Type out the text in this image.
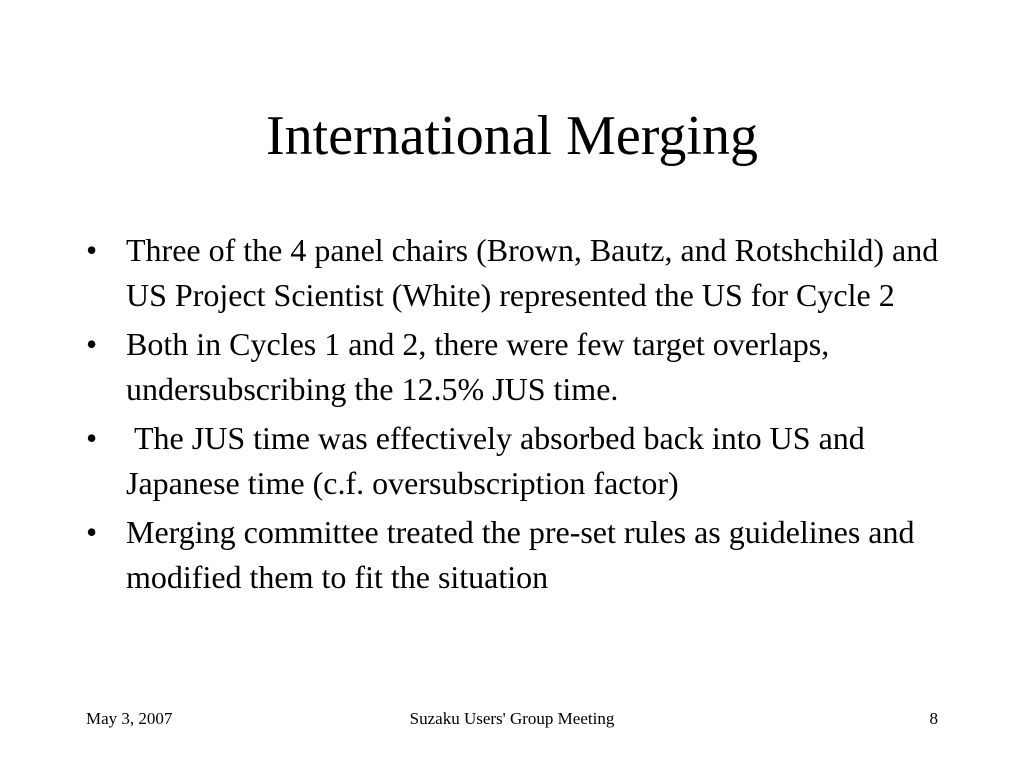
International Merging
• Three of the 4 panel chairs (Brown, Bautz, and Rotshchild) and US Project Scientist (White) represented the US for Cycle 2
• Both in Cycles 1 and 2, there were few target overlaps, undersubscribing the 12.5% JUS time.
• The JUS time was effectively absorbed back into US and Japanese time (c.f. oversubscription factor)
• Merging committee treated the pre-set rules as guidelines and modified them to fit the situation
May 3, 2007	Suzaku Users' Group Meeting	8
